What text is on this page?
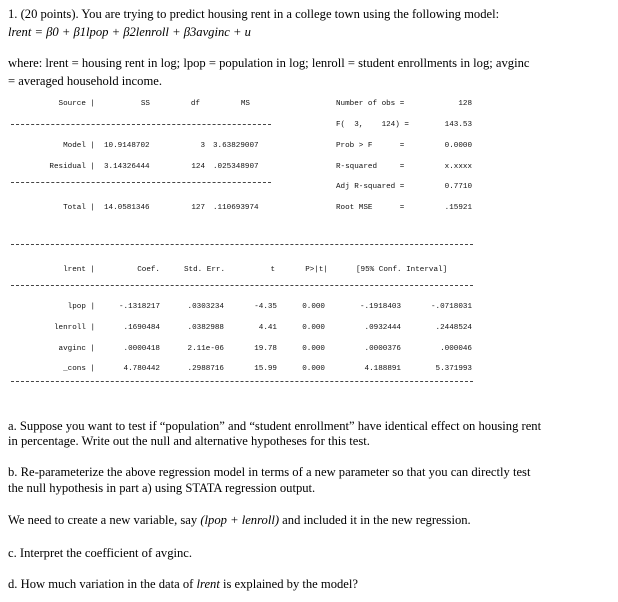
1. (20 points). You are trying to predict housing rent in a college town using the following model:
lrent = β0 + β1lpop + β2lenroll + β3avginc + u
where: lrent = housing rent in log; lpop = population in log; lenroll = student enrollments in log; avginc
= averaged household income.
Source |	SS	df	MS
Model | 10.9148702	3 3.63829007
Residual | 3.14326444	124 .025348907
Total | 14.0581346	127 .110693974
Number of obs =	128
F(  3,    124) =	143.53
Prob > F      =	0.0000
R-squared     =	x.xxxx
Adj R-squared =	0.7710
Root MSE      =	.15921
lrent |	Coef.	Std. Err.	t	P>|t|	[95% Conf. Interval]
lpop |	-.1318217	.0303234	-4.35	0.000	-.1918403	-.0718031
lenroll |	.1690484	.0382988	4.41	0.000	.0932444	.2448524
avginc |	.0000418	2.11e-06	19.78	0.000	.0000376	.000046
_cons |	4.780442	.2988716	15.99	0.000	4.188891	5.371993
a. Suppose you want to test if “population” and “student enrollment” have identical effect on housing rent
in percentage. Write out the null and alternative hypotheses for this test.
b. Re-parameterize the above regression model in terms of a new parameter so that you can directly test
the null hypothesis in part a) using STATA regression output.
We need to create a new variable, say (lpop + lenroll) and included it in the new regression.
c. Interpret the coefficient of avginc.
d. How much variation in the data of lrent is explained by the model?
